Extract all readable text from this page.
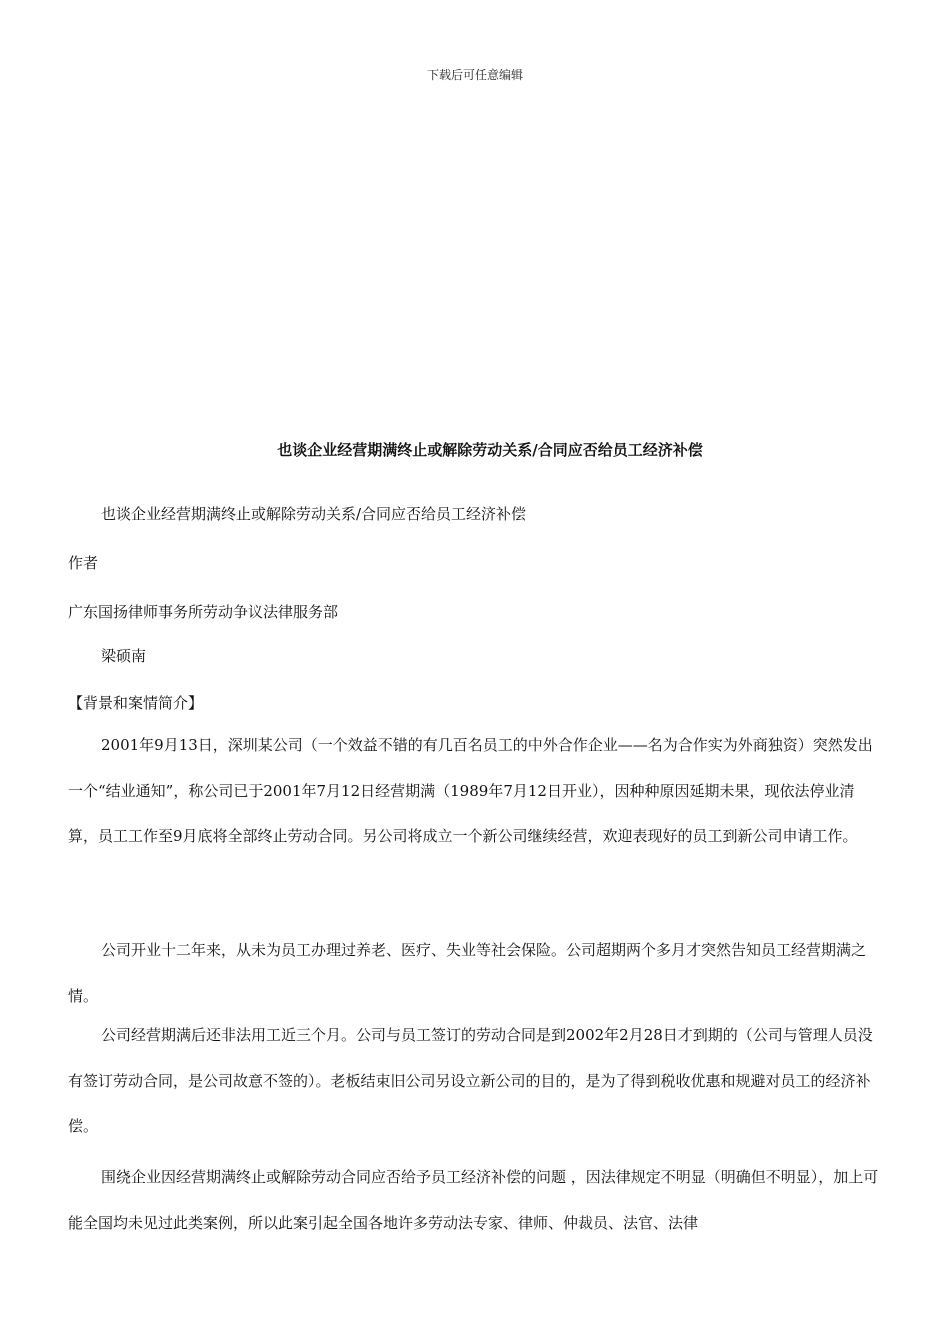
下载后可任意编辑
也谈企业经营期满终止或解除劳动关系/合同应否给员工经济补偿
也谈企业经营期满终止或解除劳动关系/合同应否给员工经济补偿
作者
广东国扬律师事务所劳动争议法律服务部
梁硕南
【背景和案情简介】
2001年9月13日，深圳某公司（一个效益不错的有几百名员工的中外合作企业——名为合作实为外商独资）突然发出一个“结业通知”，称公司已于2001年7月12日经营期满（1989年7月12日开业），因种种原因延期未果，现依法停业清算，员工工作至9月底将全部终止劳动合同。另公司将成立一个新公司继续经营，欢迎表现好的员工到新公司申请工作。
公司开业十二年来，从未为员工办理过养老、医疗、失业等社会保险。公司超期两个多月才突然告知员工经营期满之情。
公司经营期满后还非法用工近三个月。公司与员工签订的劳动合同是到2002年2月28日才到期的（公司与管理人员没有签订劳动合同，是公司故意不签的）。老板结束旧公司另设立新公司的目的，是为了得到税收优惠和规避对员工的经济补偿。
围绕企业因经营期满终止或解除劳动合同应否给予员工经济补偿的问题 ，因法律规定不明显（明确但不明显），加上可能全国均未见过此类案例，所以此案引起全国各地许多劳动法专家、律师、仲裁员、法官、法律
